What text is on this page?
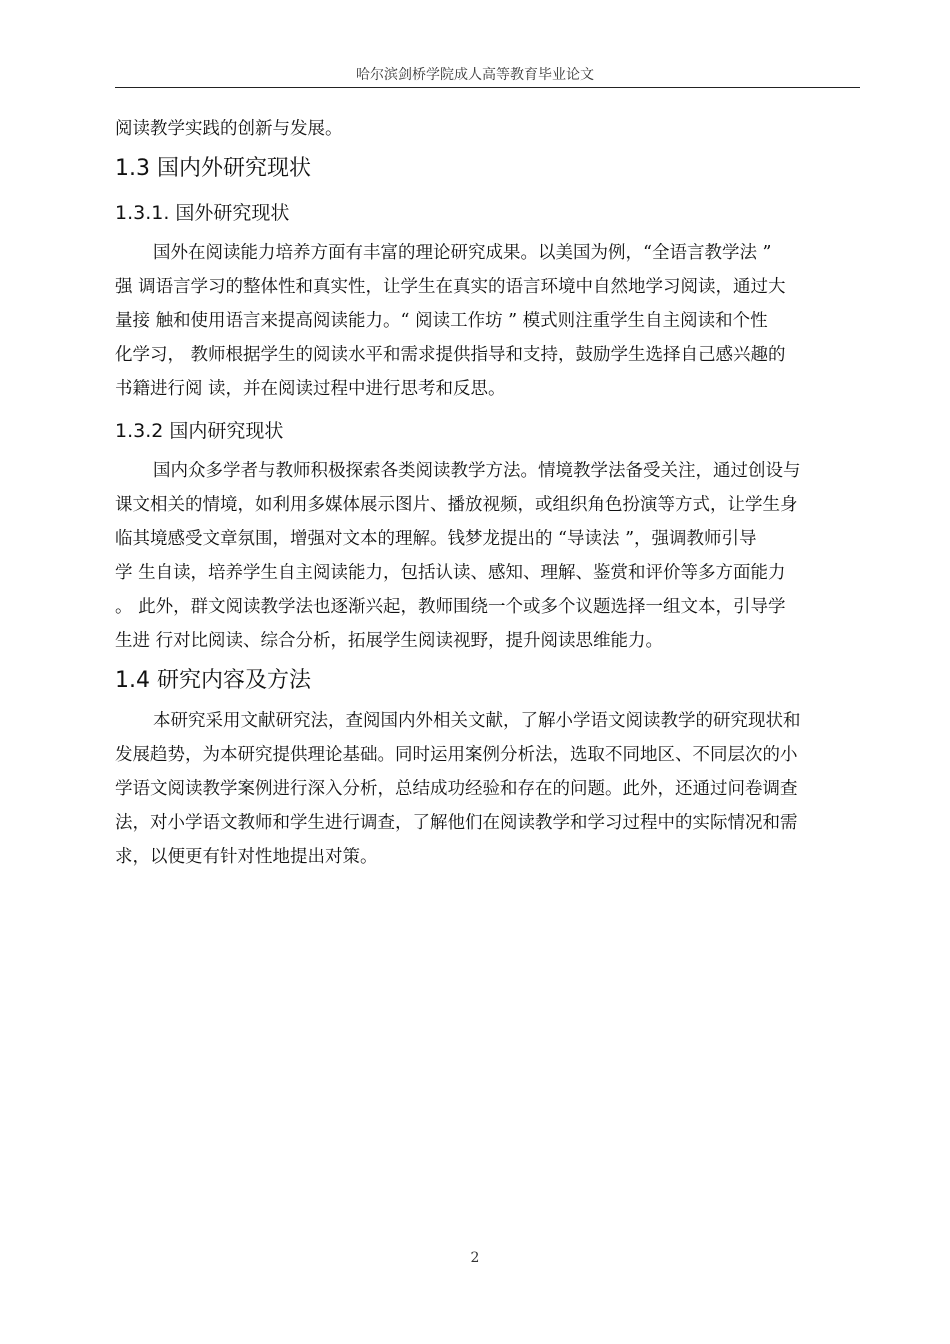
哈尔滨剑桥学院成人高等教育毕业论文
阅读教学实践的创新与发展。
1.3 国内外研究现状
1.3.1. 国外研究现状
国外在阅读能力培养方面有丰富的理论研究成果。以美国为例，“全语言教学法 ”
强 调语言学习的整体性和真实性，让学生在真实的语言环境中自然地学习阅读，通过大
量接 触和使用语言来提高阅读能力。“ 阅读工作坊 ” 模式则注重学生自主阅读和个性
化学习， 教师根据学生的阅读水平和需求提供指导和支持，鼓励学生选择自己感兴趣的
书籍进行阅 读，并在阅读过程中进行思考和反思。
1.3.2 国内研究现状
国内众多学者与教师积极探索各类阅读教学方法。情境教学法备受关注，通过创设与
课文相关的情境，如利用多媒体展示图片、播放视频，或组织角色扮演等方式，让学生身
临其境感受文章氛围，增强对文本的理解。钱梦龙提出的 “导读法 ”，强调教师引导
学 生自读，培养学生自主阅读能力，包括认读、感知、理解、鉴赏和评价等多方面能力
。 此外，群文阅读教学法也逐渐兴起，教师围绕一个或多个议题选择一组文本，引导学
生进 行对比阅读、综合分析，拓展学生阅读视野，提升阅读思维能力。
1.4 研究内容及方法
本研究采用文献研究法，查阅国内外相关文献，了解小学语文阅读教学的研究现状和
发展趋势，为本研究提供理论基础。同时运用案例分析法，选取不同地区、不同层次的小
学语文阅读教学案例进行深入分析，总结成功经验和存在的问题。此外，还通过问卷调查
法，对小学语文教师和学生进行调查，了解他们在阅读教学和学习过程中的实际情况和需
求，以便更有针对性地提出对策。
2
